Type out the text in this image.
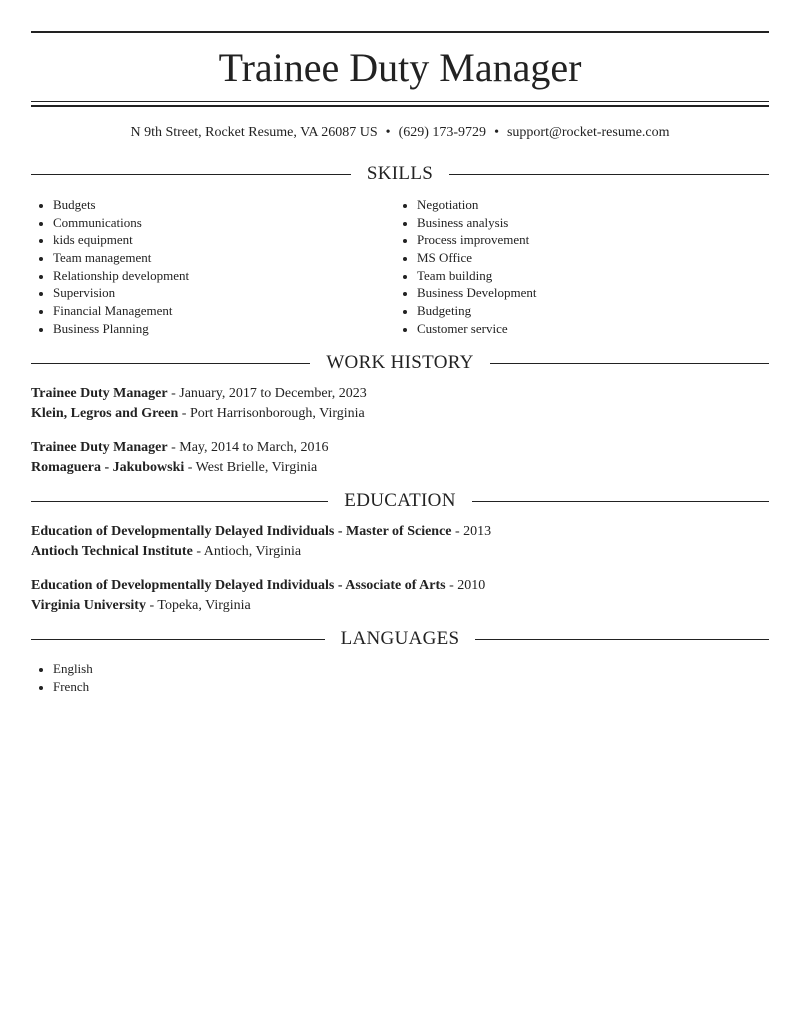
Trainee Duty Manager
N 9th Street, Rocket Resume, VA 26087 US • (629) 173-9729 • support@rocket-resume.com
SKILLS
Budgets
Communications
kids equipment
Team management
Relationship development
Supervision
Financial Management
Business Planning
Negotiation
Business analysis
Process improvement
MS Office
Team building
Business Development
Budgeting
Customer service
WORK HISTORY
Trainee Duty Manager - January, 2017 to December, 2023
Klein, Legros and Green - Port Harrisonborough, Virginia
Trainee Duty Manager - May, 2014 to March, 2016
Romaguera - Jakubowski - West Brielle, Virginia
EDUCATION
Education of Developmentally Delayed Individuals - Master of Science - 2013
Antioch Technical Institute - Antioch, Virginia
Education of Developmentally Delayed Individuals - Associate of Arts - 2010
Virginia University - Topeka, Virginia
LANGUAGES
English
French
